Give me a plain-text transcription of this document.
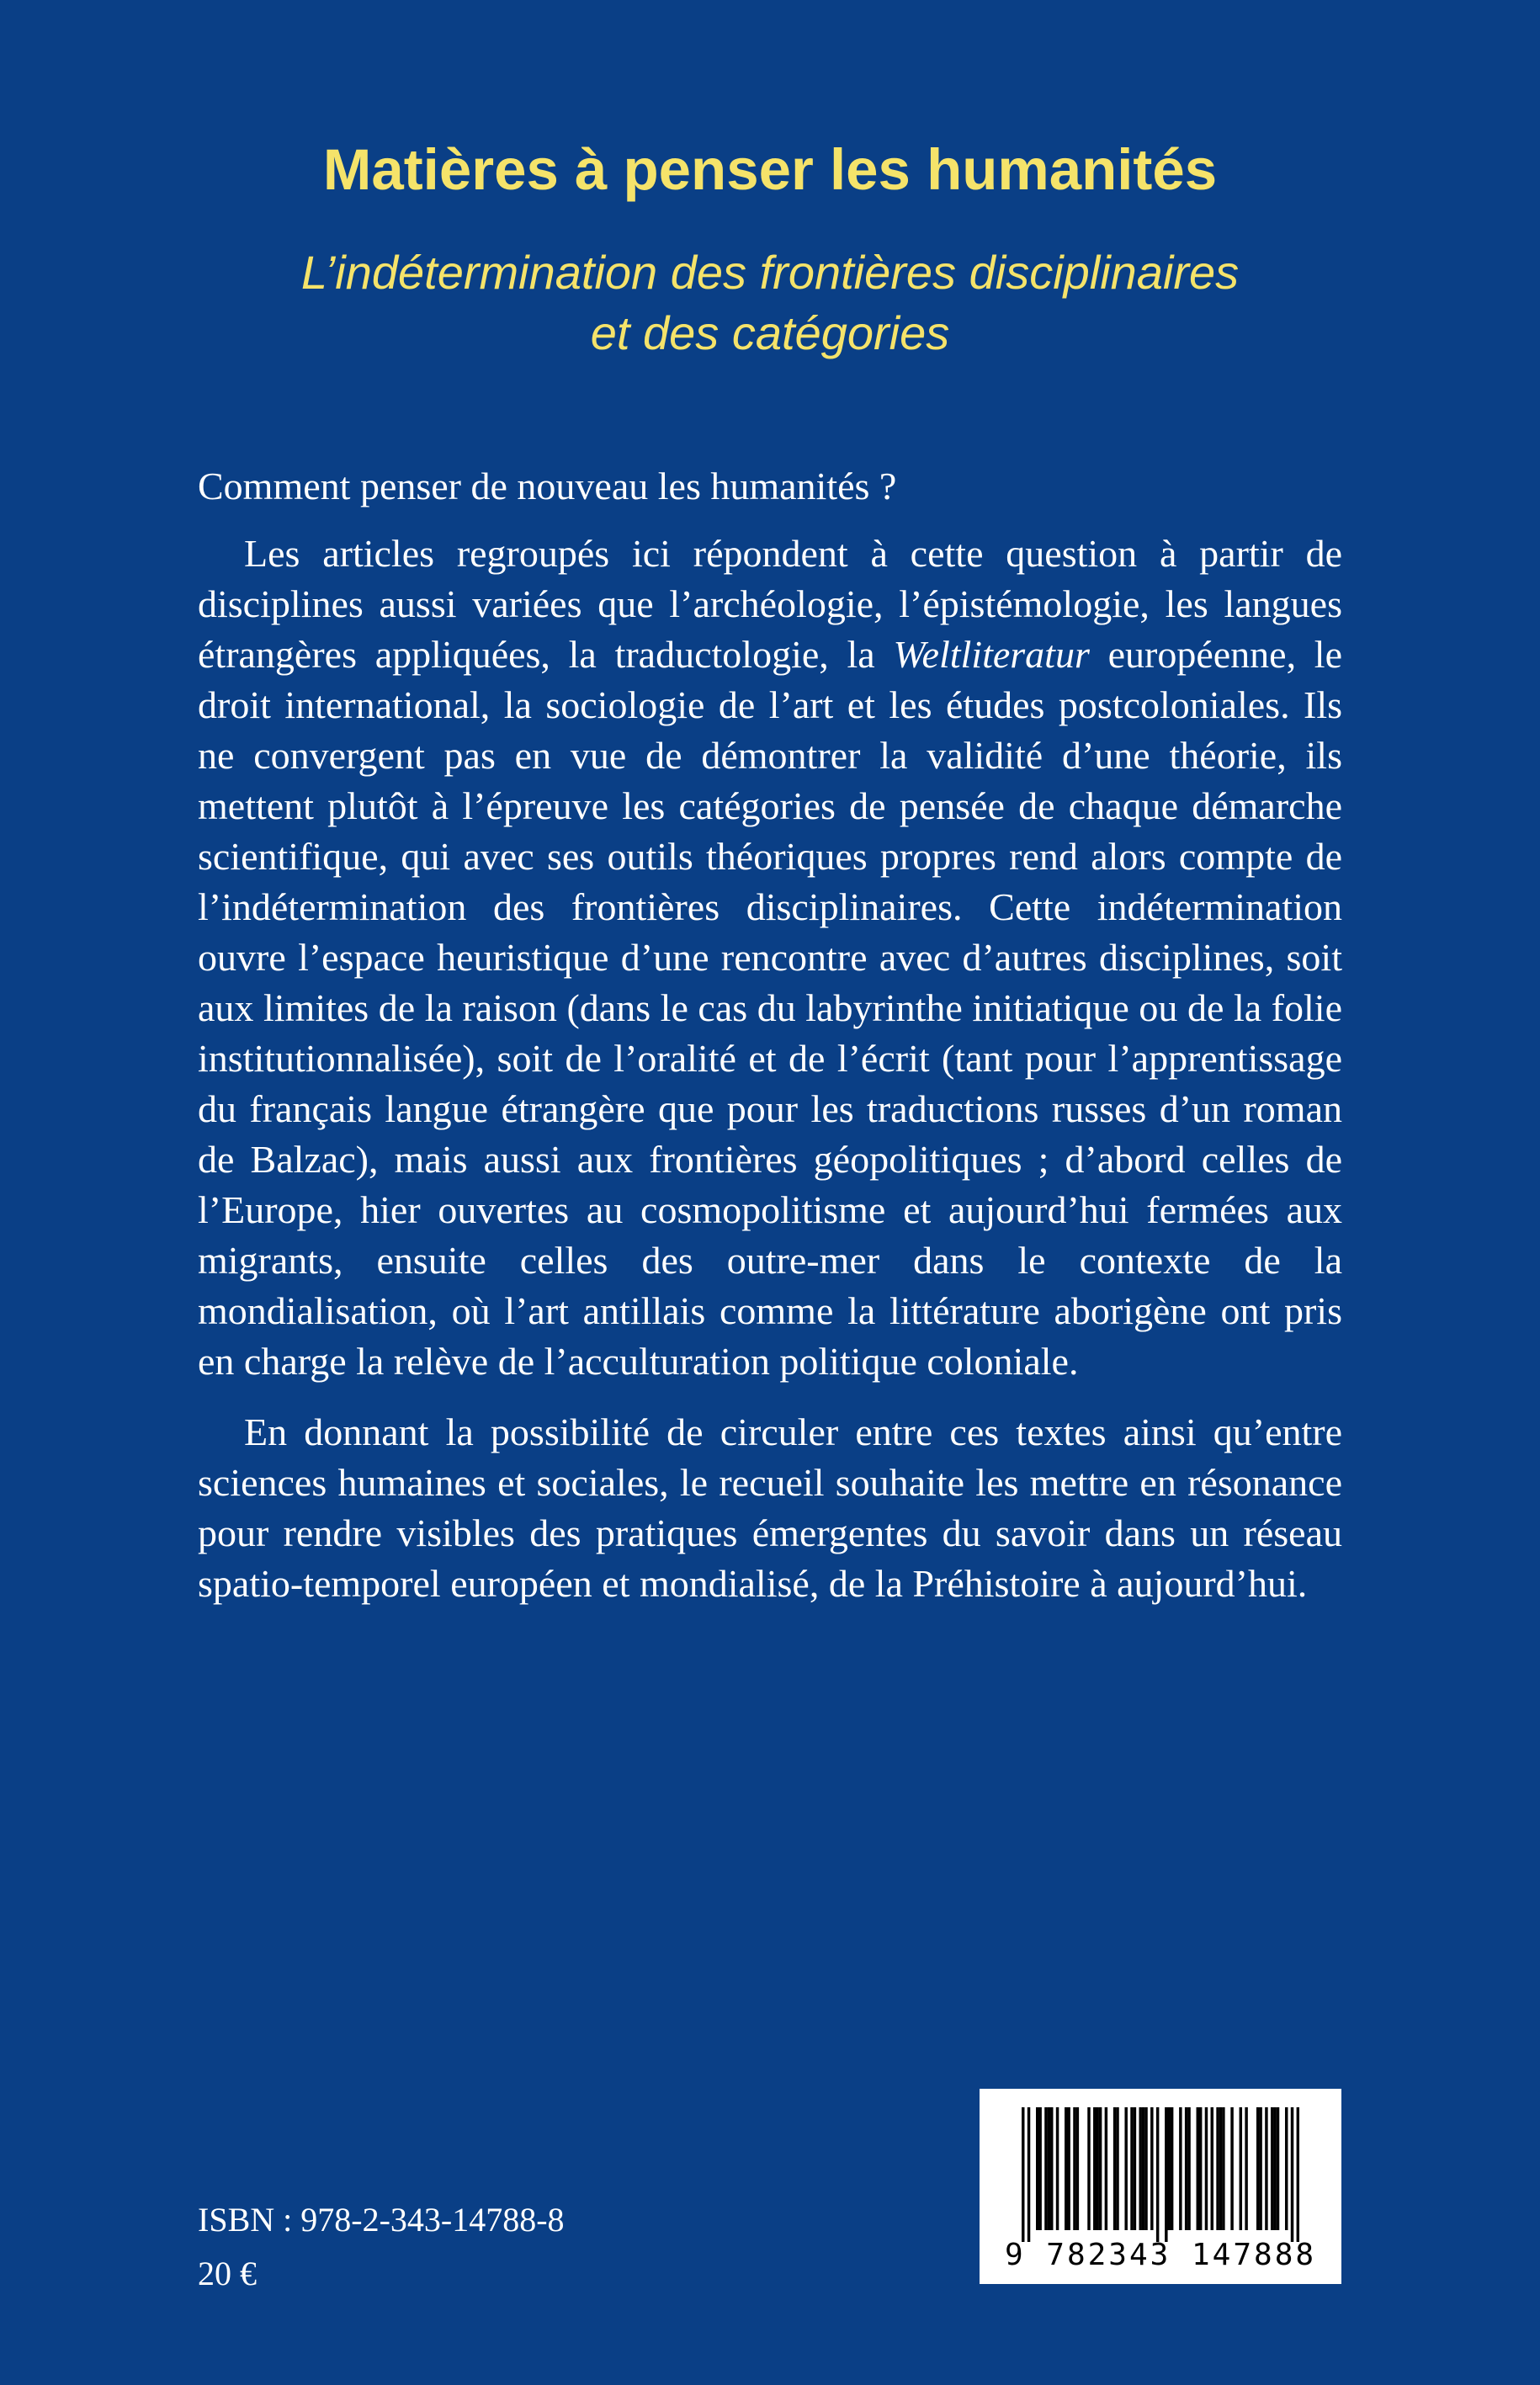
Matières à penser les humanités
L’indétermination des frontières disciplinaires
et des catégories

Comment penser de nouveau les humanités ?

Les articles regroupés ici répondent à cette question à partir de disciplines aussi variées que l’archéologie, l’épistémologie, les langues étrangères appliquées, la traductologie, la Weltliteratur européenne, le droit international, la sociologie de l’art et les études postcoloniales. Ils ne convergent pas en vue de démontrer la validité d’une théorie, ils mettent plutôt à l’épreuve les catégories de pensée de chaque démarche scientifique, qui avec ses outils théoriques propres rend alors compte de l’indétermination des frontières disciplinaires. Cette indétermination ouvre l’espace heuristique d’une rencontre avec d’autres disciplines, soit aux limites de la raison (dans le cas du labyrinthe initiatique ou de la folie institutionnalisée), soit de l’oralité et de l’écrit (tant pour l’apprentissage du français langue étrangère que pour les traductions russes d’un roman de Balzac), mais aussi aux frontières géopolitiques ; d’abord celles de l’Europe, hier ouvertes au cosmopolitisme et aujourd’hui fermées aux migrants, ensuite celles des outre-mer dans le contexte de la mondialisation, où l’art antillais comme la littérature aborigène ont pris en charge la relève de l’acculturation politique coloniale.

En donnant la possibilité de circuler entre ces textes ainsi qu’entre sciences humaines et sociales, le recueil souhaite les mettre en résonance pour rendre visibles des pratiques émergentes du savoir dans un réseau spatio-temporel européen et mondialisé, de la Préhistoire à aujourd’hui.

ISBN : 978-2-343-14788-8

20 €	9 782343 147888
